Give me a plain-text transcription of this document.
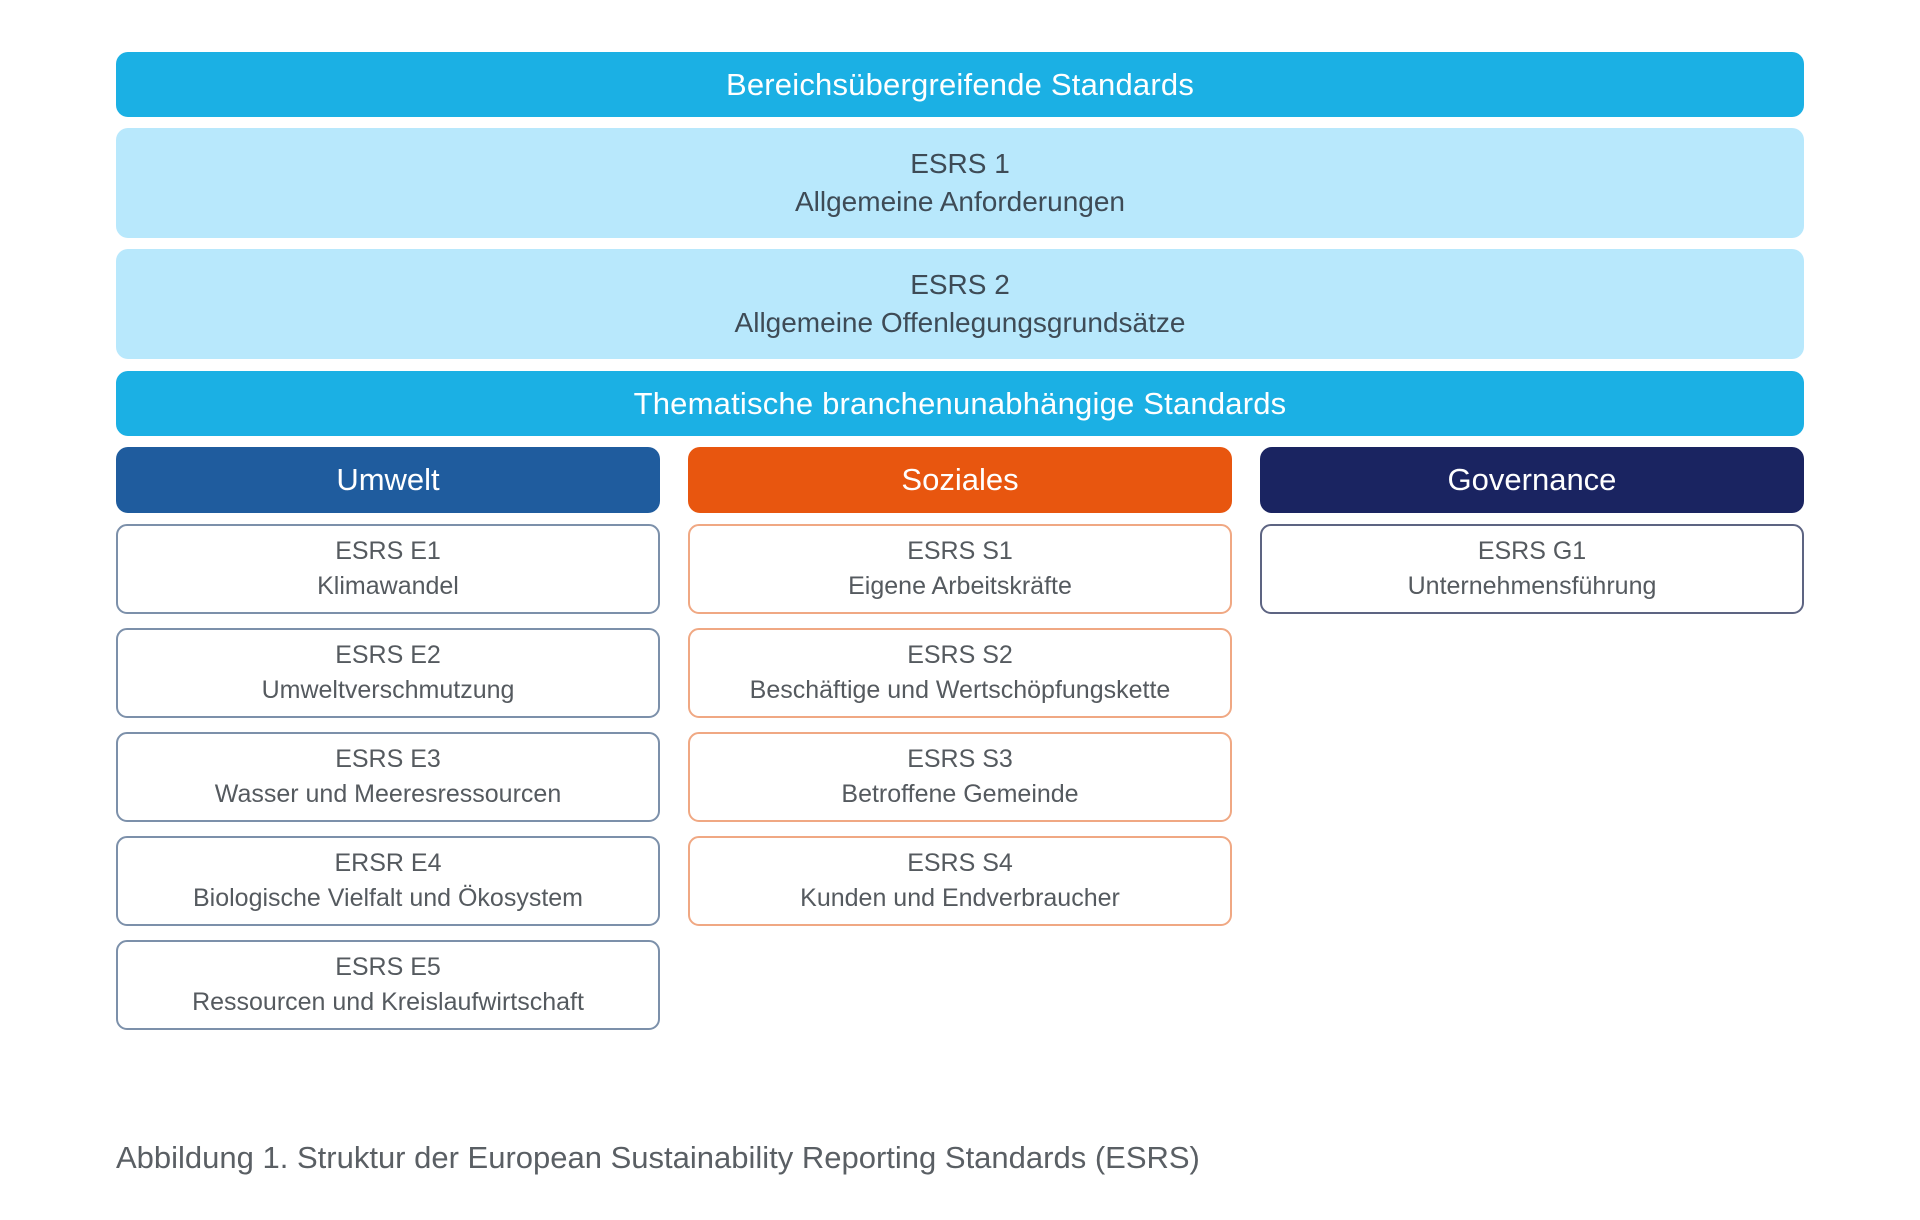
Bereichsübergreifende Standards
ESRS 1
Allgemeine Anforderungen
ESRS 2
Allgemeine Offenlegungsgrundsätze
Thematische branchenunabhängige Standards
Umwelt
ESRS E1
Klimawandel
ESRS E2
Umweltverschmutzung
ESRS E3
Wasser und Meeresressourcen
ERSR E4
Biologische Vielfalt und Ökosystem
ESRS E5
Ressourcen und Kreislaufwirtschaft
Soziales
ESRS S1
Eigene Arbeitskräfte
ESRS S2
Beschäftige und Wertschöpfungskette
ESRS S3
Betroffene Gemeinde
ESRS S4
Kunden und Endverbraucher
Governance
ESRS G1
Unternehmensführung
Abbildung 1. Struktur der European Sustainability Reporting Standards (ESRS)
